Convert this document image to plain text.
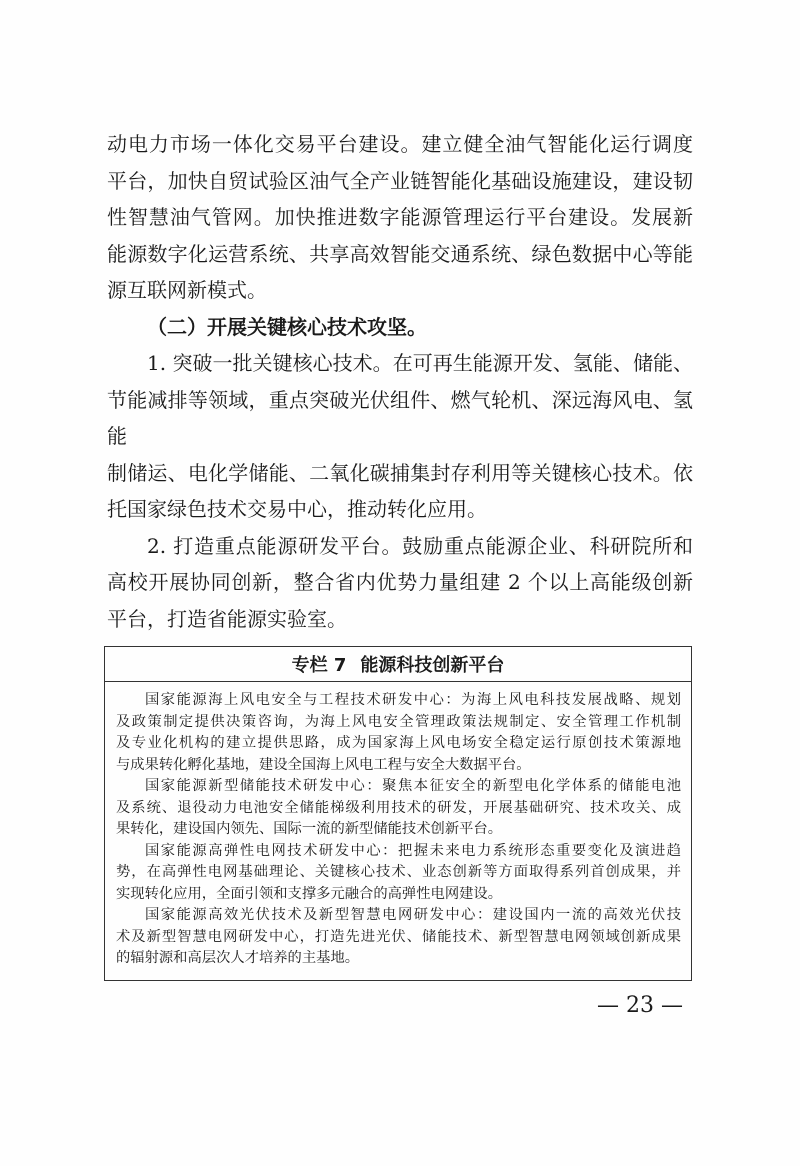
动电力市场一体化交易平台建设。建立健全油气智能化运行调度

平台，加快自贸试验区油气全产业链智能化基础设施建设，建设韧

性智慧油气管网。加快推进数字能源管理运行平台建设。发展新

能源数字化运营系统、共享高效智能交通系统、绿色数据中心等能

源互联网新模式。

（二）开展关键核心技术攻坚。

1. 突破一批关键核心技术。在可再生能源开发、氢能、储能、

节能减排等领域，重点突破光伏组件、燃气轮机、深远海风电、氢能

制储运、电化学储能、二氧化碳捕集封存利用等关键核心技术。依

托国家绿色技术交易中心，推动转化应用。

2. 打造重点能源研发平台。鼓励重点能源企业、科研院所和

高校开展协同创新，整合省内优势力量组建 2 个以上高能级创新

平台，打造省能源实验室。

专栏 7 能源科技创新平台

国家能源海上风电安全与工程技术研发中心：为海上风电科技发展战略、规划

及政策制定提供决策咨询，为海上风电安全管理政策法规制定、安全管理工作机制

及专业化机构的建立提供思路，成为国家海上风电场安全稳定运行原创技术策源地

与成果转化孵化基地，建设全国海上风电工程与安全大数据平台。

国家能源新型储能技术研发中心：聚焦本征安全的新型电化学体系的储能电池

及系统、退役动力电池安全储能梯级利用技术的研发，开展基础研究、技术攻关、成

果转化，建设国内领先、国际一流的新型储能技术创新平台。

国家能源高弹性电网技术研发中心：把握未来电力系统形态重要变化及演进趋

势，在高弹性电网基础理论、关键核心技术、业态创新等方面取得系列首创成果，并

实现转化应用，全面引领和支撑多元融合的高弹性电网建设。

国家能源高效光伏技术及新型智慧电网研发中心：建设国内一流的高效光伏技

术及新型智慧电网研发中心，打造先进光伏、储能技术、新型智慧电网领域创新成果

的辐射源和高层次人才培养的主基地。

— 23 —
